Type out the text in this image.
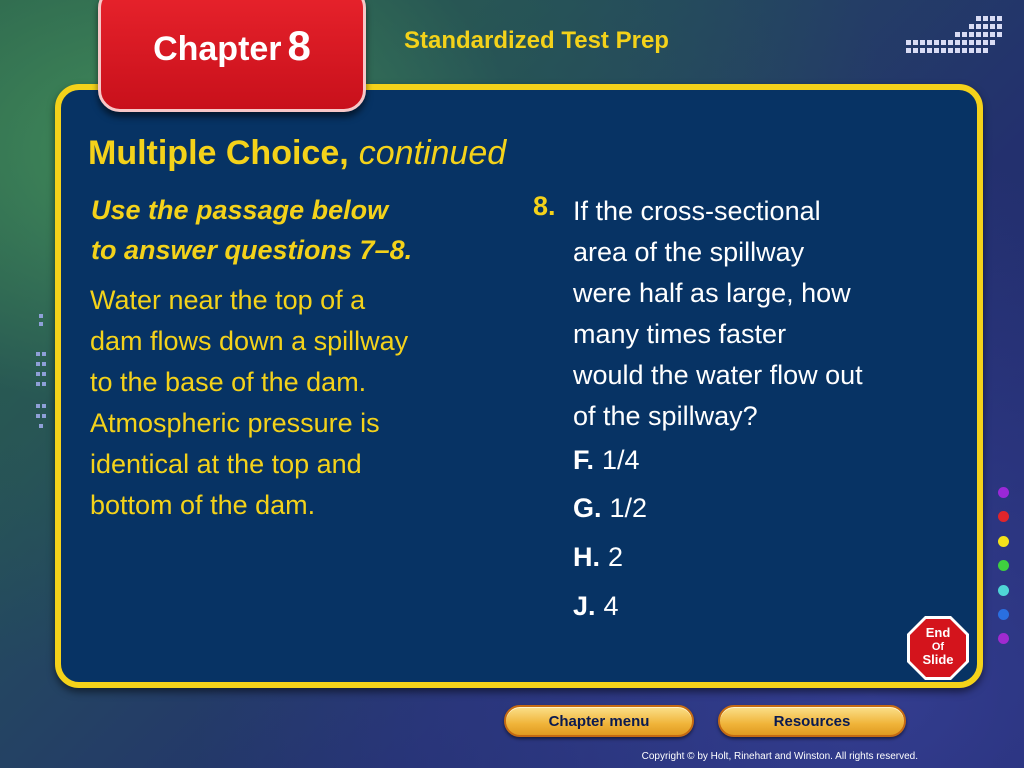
Chapter 8	Standardized Test Prep
Multiple Choice, continued
Use the passage below
to answer questions 7–8.
Water near the top of a
dam flows down a spillway
to the base of the dam.
Atmospheric pressure is
identical at the top and
bottom of the dam.
8. If the cross-sectional
area of the spillway
were half as large, how
many times faster
would the water flow out
of the spillway?
F. 1/4
G. 1/2
H. 2
J. 4
End
Of
Slide
Chapter menu	Resources
Copyright © by Holt, Rinehart and Winston. All rights reserved.
